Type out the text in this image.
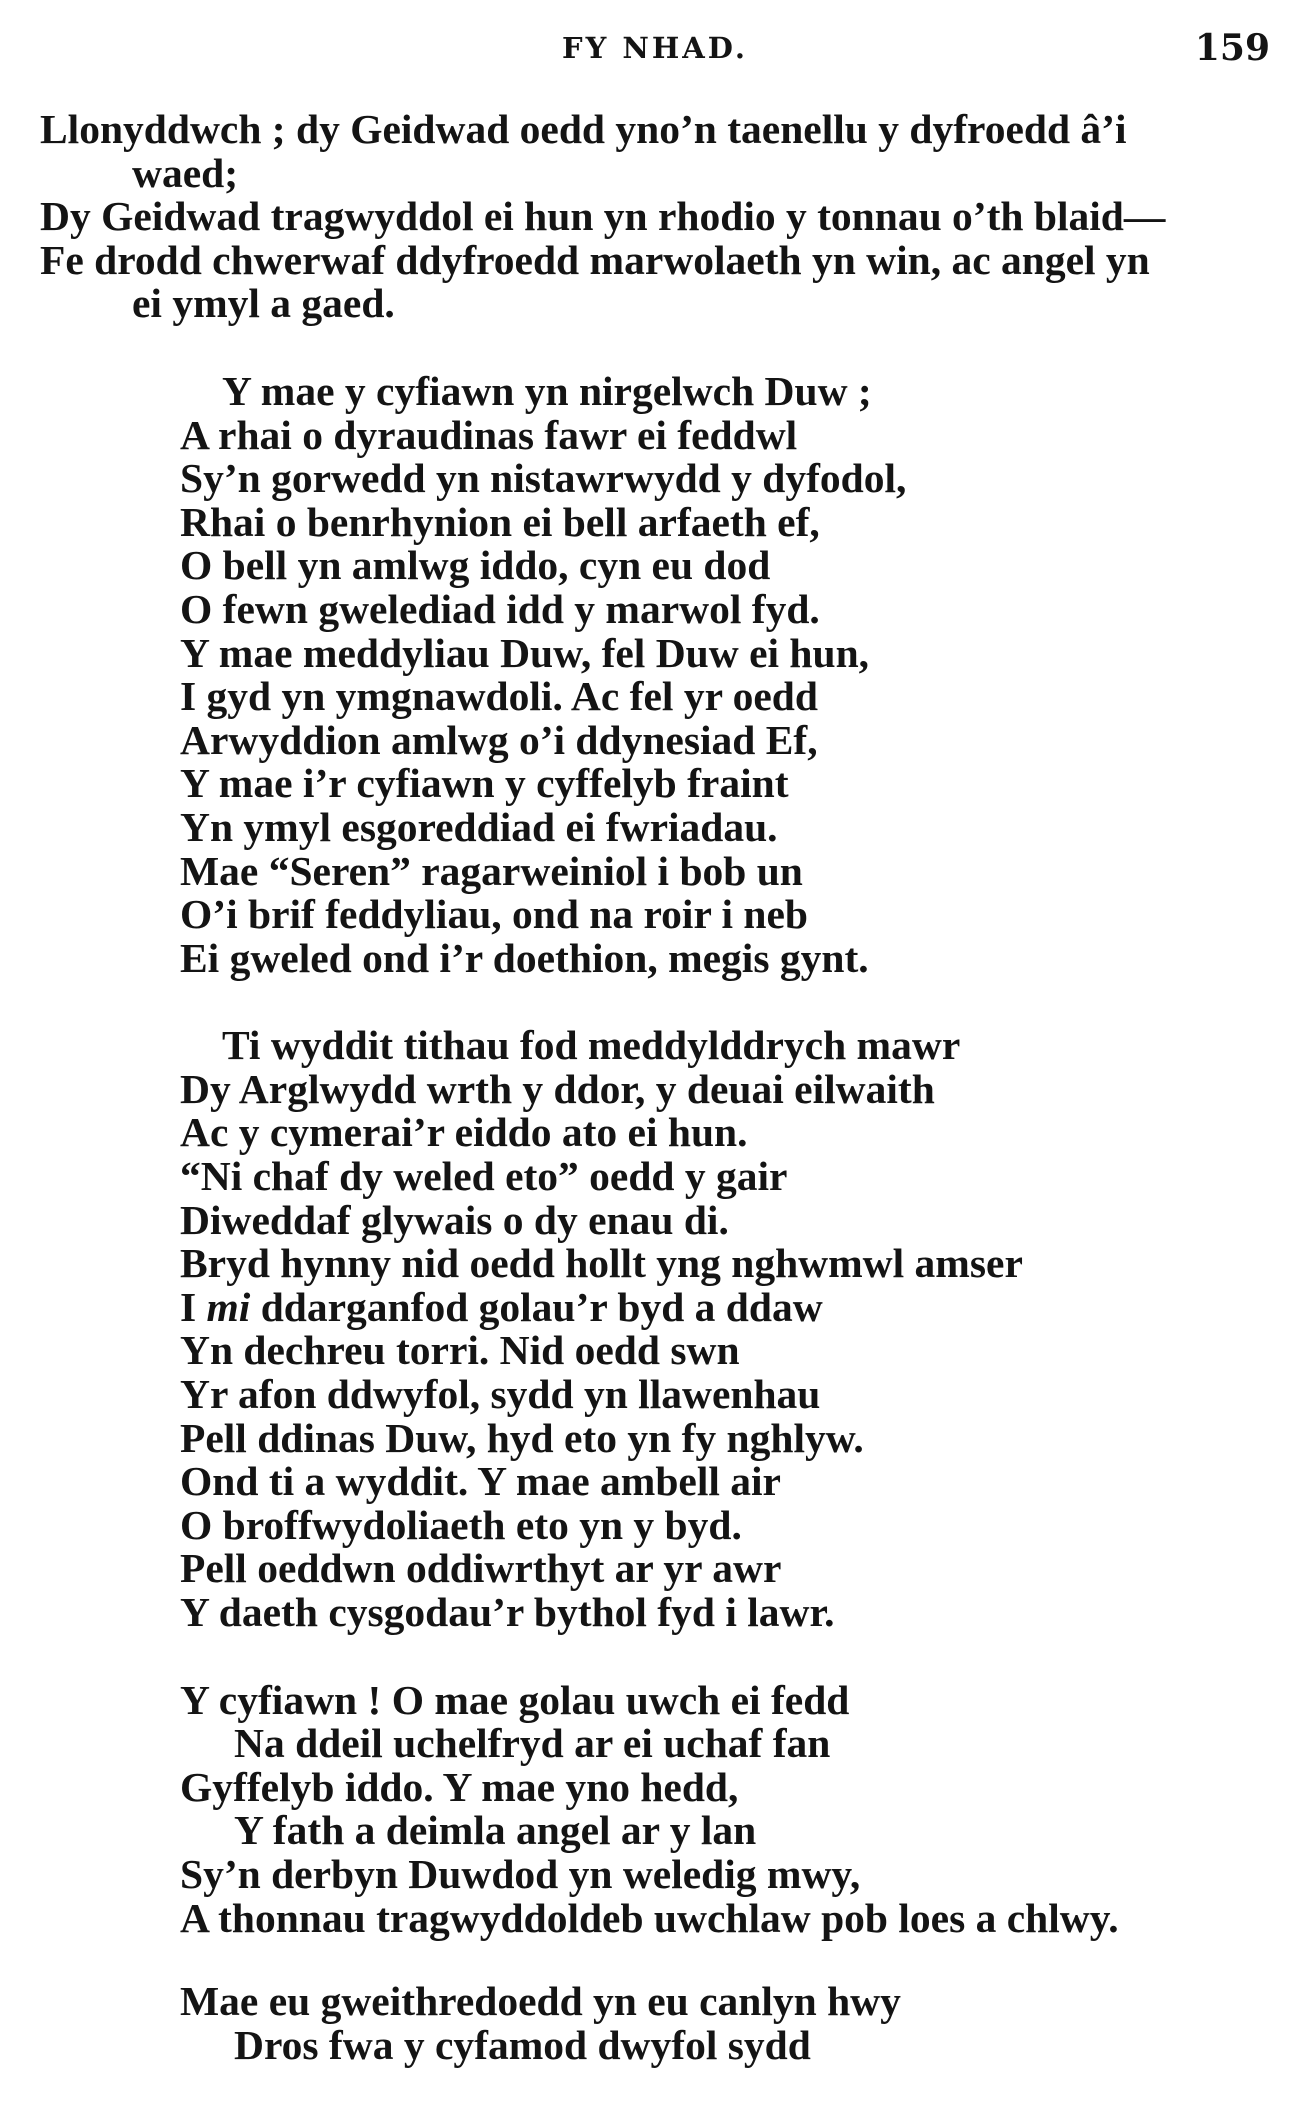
FY NHAD.	159
Llonyddwch ; dy Geidwad oedd yno’n taenellu y dyfroedd â’i
waed;
Dy Geidwad tragwyddol ei hun yn rhodio y tonnau o’th blaid—
Fe drodd chwerwaf ddyfroedd marwolaeth yn win, ac angel yn
ei ymyl a gaed.
Y mae y cyfiawn yn nirgelwch Duw ;
A rhai o dyraudinas fawr ei feddwl
Sy’n gorwedd yn nistawrwydd y dyfodol,
Rhai o benrhynion ei bell arfaeth ef,
O bell yn amlwg iddo, cyn eu dod
O fewn gwelediad idd y marwol fyd.
Y mae meddyliau Duw, fel Duw ei hun,
I gyd yn ymgnawdoli. Ac fel yr oedd
Arwyddion amlwg o’i ddynesiad Ef,
Y mae i’r cyfiawn y cyffelyb fraint
Yn ymyl esgoreddiad ei fwriadau.
Mae “Seren” ragarweiniol i bob un
O’i brif feddyliau, ond na roir i neb
Ei gweled ond i’r doethion, megis gynt.
Ti wyddit tithau fod meddylddrych mawr
Dy Arglwydd wrth y ddor, y deuai eilwaith
Ac y cymerai’r eiddo ato ei hun.
“Ni chaf dy weled eto” oedd y gair
Diweddaf glywais o dy enau di.
Bryd hynny nid oedd hollt yng nghwmwl amser
I mi ddarganfod golau’r byd a ddaw
Yn dechreu torri. Nid oedd swn
Yr afon ddwyfol, sydd yn llawenhau
Pell ddinas Duw, hyd eto yn fy nghlyw.
Ond ti a wyddit. Y mae ambell air
O broffwydoliaeth eto yn y byd.
Pell oeddwn oddiwrthyt ar yr awr
Y daeth cysgodau’r bythol fyd i lawr.
Y cyfiawn ! O mae golau uwch ei fedd
Na ddeil uchelfryd ar ei uchaf fan
Gyffelyb iddo. Y mae yno hedd,
Y fath a deimla angel ar y lan
Sy’n derbyn Duwdod yn weledig mwy,
A thonnau tragwyddoldeb uwchlaw pob loes a chlwy.
Mae eu gweithredoedd yn eu canlyn hwy
Dros fwa y cyfamod dwyfol sydd
